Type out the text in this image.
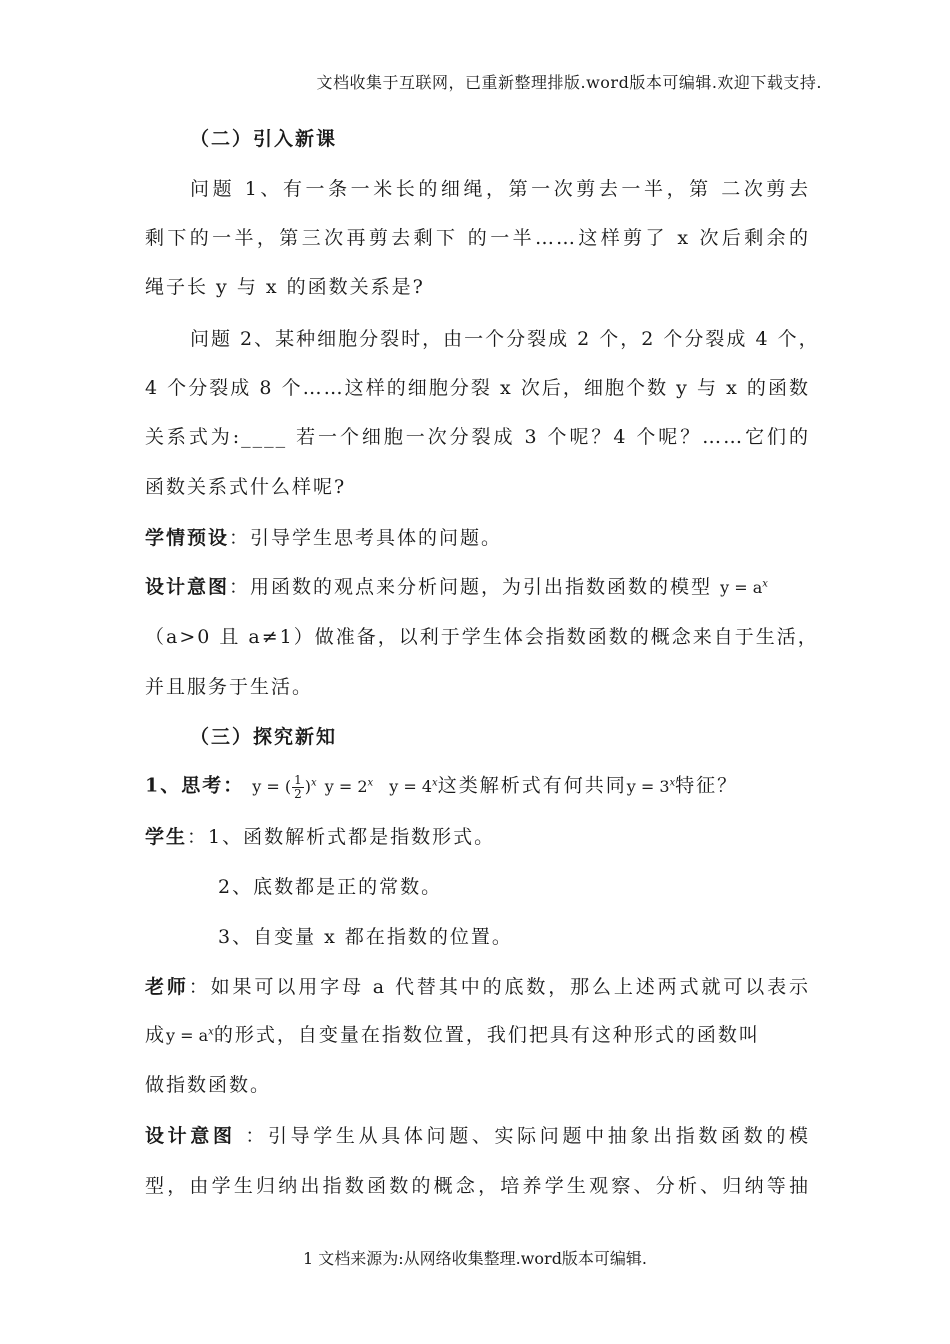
文档收集于互联网，已重新整理排版.word版本可编辑.欢迎下载支持.
（二）引入新课
问题 1、有一条一米长的细绳，第一次剪去一半，第 二次剪去
剩下的一半，第三次再剪去剩下 的一半……这样剪了 x 次后剩余的
绳子长 y 与 x 的函数关系是?
问题 2、某种细胞分裂时，由一个分裂成 2 个，2 个分裂成 4 个，
4 个分裂成 8 个……这样的细胞分裂 x 次后，细胞个数 y 与 x 的函数
关系式为:____ 若一个细胞一次分裂成 3 个呢？4 个呢？……它们的
函数关系式什么样呢?
学情预设：引导学生思考具体的问题。
设计意图：用函数的观点来分析问题，为引出指数函数的模型 $y = a^x$
（a>0 且 a≠1）做准备，以利于学生体会指数函数的概念来自于生活，
并且服务于生活。
（三）探究新知
1、思考： y = ( $\frac{1}{2} )^x$ $y = 2^x$ $y = 4^x$这类解析式有何共同$y = 3^x$特征？
学生：1、函数解析式都是指数形式。
2、底数都是正的常数。
3、自变量 x 都在指数的位置。
老师：如果可以用字母 a 代替其中的底数，那么上述两式就可以表示
成$y = a^x$的形式，自变量在指数位置，我们把具有这种形式的函数叫
做指数函数。
设计意图 ：引导学生从具体问题、实际问题中抽象出指数函数的模
型，由学生归纳出指数函数的概念，培养学生观察、分析、归纳等抽
1 文档来源为:从网络收集整理.word版本可编辑.
